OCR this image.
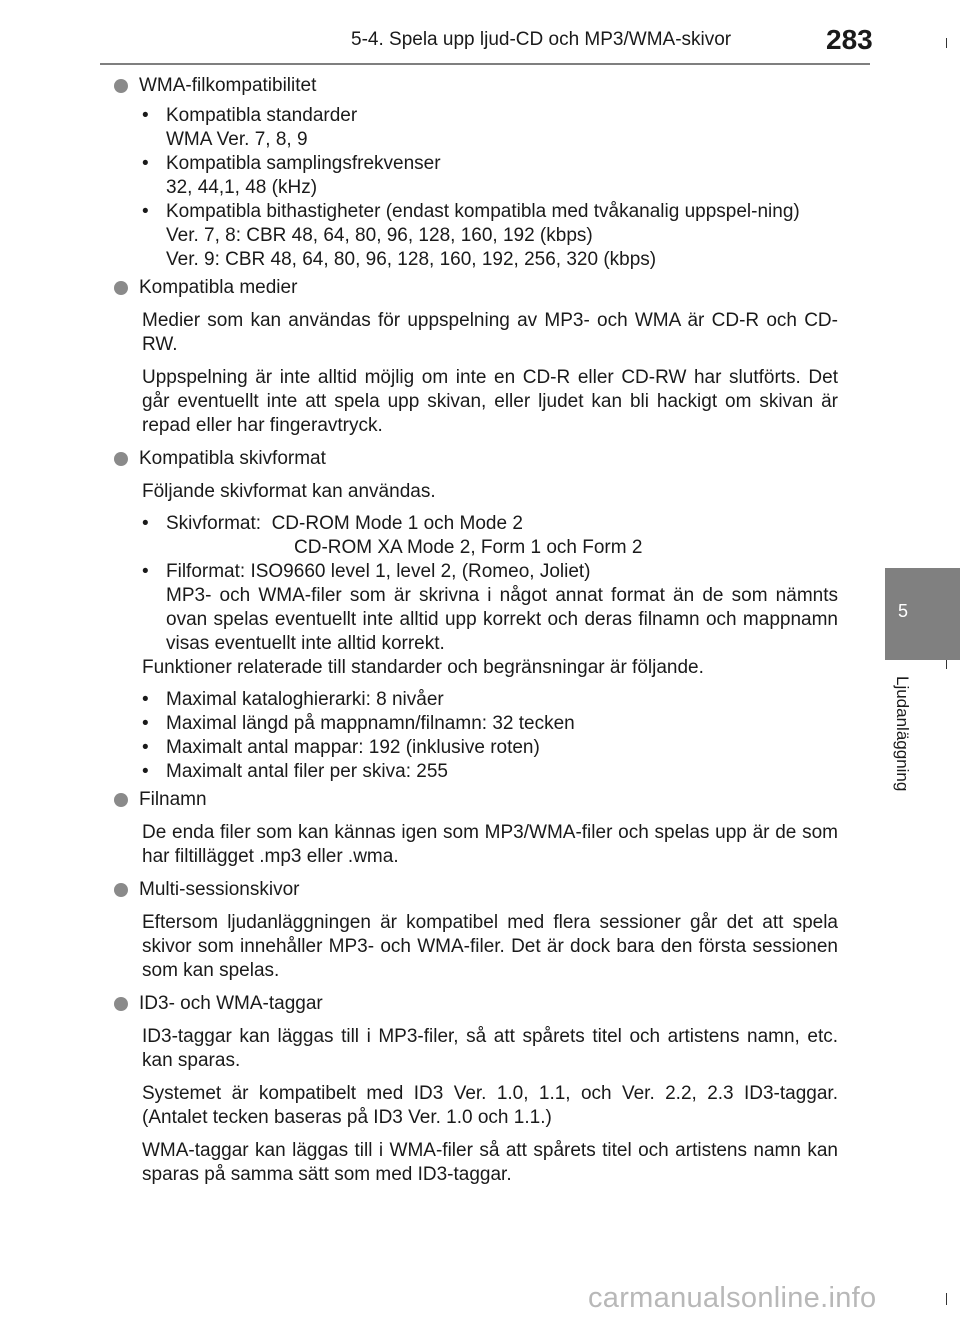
5-4. Spela upp ljud-CD och MP3/WMA-skivor	283
5
Ljudanläggning

WMA-filkompatibilitet

• Kompatibla standarder
WMA Ver. 7, 8, 9
• Kompatibla samplingsfrekvenser
32, 44,1, 48 (kHz)
• Kompatibla bithastigheter (endast kompatibla med tvåkanalig uppspel-ning)
Ver. 7, 8: CBR 48, 64, 80, 96, 128, 160, 192 (kbps)
Ver. 9: CBR 48, 64, 80, 96, 128, 160, 192, 256, 320 (kbps)

Kompatibla medier

Medier som kan användas för uppspelning av MP3- och WMA är CD-R och CD-RW.

Uppspelning är inte alltid möjlig om inte en CD-R eller CD-RW har slutförts. Det går eventuellt inte att spela upp skivan, eller ljudet kan bli hackigt om skivan är repad eller har fingeravtryck.

Kompatibla skivformat

Följande skivformat kan användas.

• Skivformat:  CD-ROM Mode 1 och Mode 2
CD-ROM XA Mode 2, Form 1 och Form 2
• Filformat: ISO9660 level 1, level 2, (Romeo, Joliet)
MP3- och WMA-filer som är skrivna i något annat format än de som nämnts ovan spelas eventuellt inte alltid upp korrekt och deras filnamn och mappnamn visas eventuellt inte alltid korrekt.

Funktioner relaterade till standarder och begränsningar är följande.

• Maximal kataloghierarki: 8 nivåer
• Maximal längd på mappnamn/filnamn: 32 tecken
• Maximalt antal mappar: 192 (inklusive roten)
• Maximalt antal filer per skiva: 255

Filnamn

De enda filer som kan kännas igen som MP3/WMA-filer och spelas upp är de som har filtillägget .mp3 eller .wma.

Multi-sessionskivor

Eftersom ljudanläggningen är kompatibel med flera sessioner går det att spela skivor som innehåller MP3- och WMA-filer. Det är dock bara den första sessionen som kan spelas.

ID3- och WMA-taggar

ID3-taggar kan läggas till i MP3-filer, så att spårets titel och artistens namn, etc. kan sparas.

Systemet är kompatibelt med ID3 Ver. 1.0, 1.1, och Ver. 2.2, 2.3 ID3-taggar. (Antalet tecken baseras på ID3 Ver. 1.0 och 1.1.)

WMA-taggar kan läggas till i WMA-filer så att spårets titel och artistens namn kan sparas på samma sätt som med ID3-taggar.

carmanualsonline.info
